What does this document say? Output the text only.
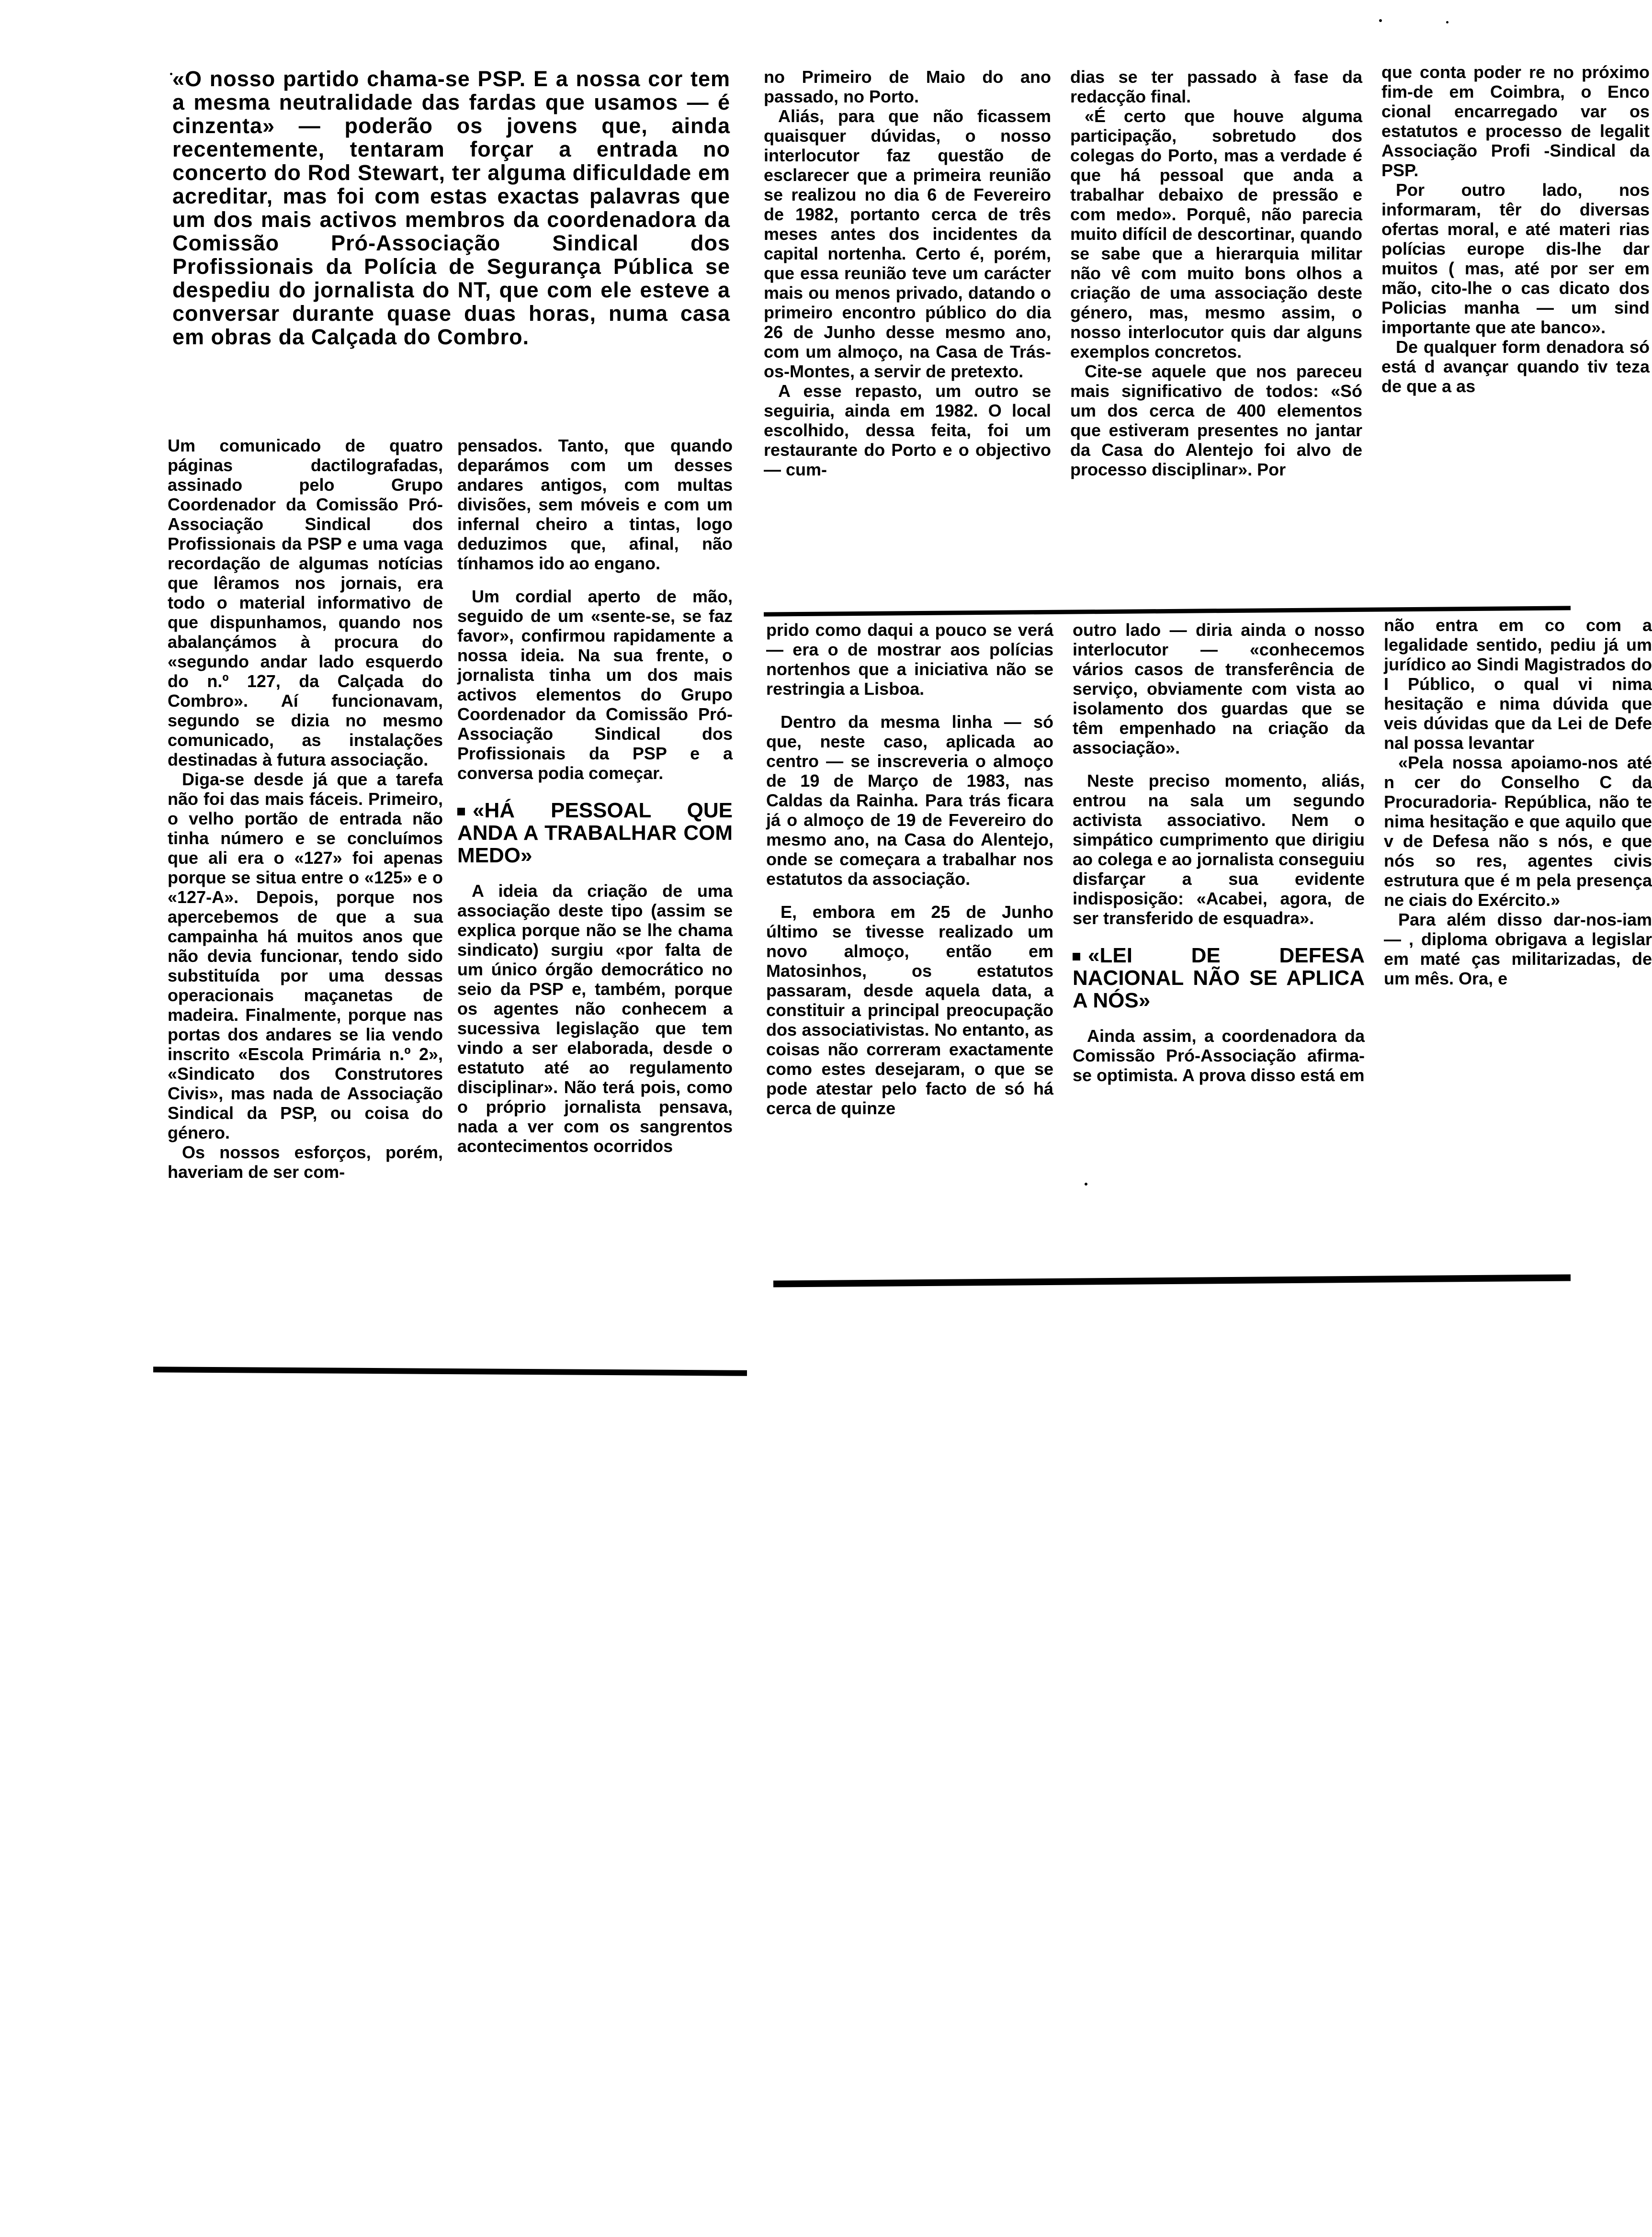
«O nosso partido chama-se PSP. E a nossa cor tem a mesma neutralidade das fardas que usamos — é cinzenta» — poderão os jovens que, ainda recentemente, tentaram forçar a entrada no concerto do Rod Stewart, ter alguma dificuldade em acreditar, mas foi com estas exactas palavras que um dos mais activos membros da coordenadora da Comissão Pró-Associação Sindical dos Profissionais da Polícia de Segurança Pública se despediu do jornalista do NT, que com ele esteve a conversar durante quase duas horas, numa casa em obras da Calçada do Combro.

Um comunicado de quatro páginas dactilografadas, assinado pelo Grupo Coordenador da Comissão Pró-Associação Sindical dos Profissionais da PSP e uma vaga recordação de algumas notícias que lêramos nos jornais, era todo o material informativo de que dispunhamos, quando nos abalançámos à procura do «segundo andar lado esquerdo do n.º 127, da Calçada do Combro». Aí funcionavam, segundo se dizia no mesmo comunicado, as instalações destinadas à futura associação.

Diga-se desde já que a tarefa não foi das mais fáceis. Primeiro, o velho portão de entrada não tinha número e se concluímos que ali era o «127» foi apenas porque se situa entre o «125» e o «127-A». Depois, porque nos apercebemos de que a sua campainha há muitos anos que não devia funcionar, tendo sido substituída por uma dessas operacionais maçanetas de madeira. Finalmente, porque nas portas dos andares se lia vendo inscrito «Escola Primária n.º 2», «Sindicato dos Construtores Civis», mas nada de Associação Sindical da PSP, ou coisa do género.

Os nossos esforços, porém, haveriam de ser com-

pensados. Tanto, que quando deparámos com um desses andares antigos, com multas divisões, sem móveis e com um infernal cheiro a tintas, logo deduzimos que, afinal, não tínhamos ido ao engano.

Um cordial aperto de mão, seguido de um «sente-se, se faz favor», confirmou rapidamente a nossa ideia. Na sua frente, o jornalista tinha um dos mais activos elementos do Grupo Coordenador da Comissão Pró-Associação Sindical dos Profissionais da PSP e a conversa podia começar.

«HÁ PESSOAL QUE ANDA A TRABALHAR COM MEDO»

A ideia da criação de uma associação deste tipo (assim se explica porque não se lhe chama sindicato) surgiu «por falta de um único órgão democrático no seio da PSP e, também, porque os agentes não conhecem a sucessiva legislação que tem vindo a ser elaborada, desde o estatuto até ao regulamento disciplinar». Não terá pois, como o próprio jornalista pensava, nada a ver com os sangrentos acontecimentos ocorridos

no Primeiro de Maio do ano passado, no Porto.

Aliás, para que não ficassem quaisquer dúvidas, o nosso interlocutor faz questão de esclarecer que a primeira reunião se realizou no dia 6 de Fevereiro de 1982, portanto cerca de três meses antes dos incidentes da capital nortenha. Certo é, porém, que essa reunião teve um carácter mais ou menos privado, datando o primeiro encontro público do dia 26 de Junho desse mesmo ano, com um almoço, na Casa de Trás-os-Montes, a servir de pretexto.

A esse repasto, um outro se seguiria, ainda em 1982. O local escolhido, dessa feita, foi um restaurante do Porto e o objectivo — cum-

dias se ter passado à fase da redacção final.

«É certo que houve alguma participação, sobretudo dos colegas do Porto, mas a verdade é que há pessoal que anda a trabalhar debaixo de pressão e com medo». Porquê, não parecia muito difícil de descortinar, quando se sabe que a hierarquia militar não vê com muito bons olhos a criação de uma associação deste género, mas, mesmo assim, o nosso interlocutor quis dar alguns exemplos concretos.

Cite-se aquele que nos pareceu mais significativo de todos: «Só um dos cerca de 400 elementos que estiveram presentes no jantar da Casa do Alentejo foi alvo de processo disciplinar». Por

que conta poder re no próximo fim-de em Coimbra, o Enco cional encarregado var os estatutos e processo de legalit Associação Profi -Sindical da PSP.

Por outro lado, nos informaram, têr do diversas ofertas moral, e até materi rias polícias europe dis-lhe dar muitos ( mas, até por ser em mão, cito-lhe o cas dicato dos Policias manha — um sind importante que ate banco».

De qualquer form denadora só está d avançar quando tiv teza de que a as

prido como daqui a pouco se verá — era o de mostrar aos polícias nortenhos que a iniciativa não se restringia a Lisboa.

Dentro da mesma linha — só que, neste caso, aplicada ao centro — se inscreveria o almoço de 19 de Março de 1983, nas Caldas da Rainha. Para trás ficara já o almoço de 19 de Fevereiro do mesmo ano, na Casa do Alentejo, onde se começara a trabalhar nos estatutos da associação.

E, embora em 25 de Junho último se tivesse realizado um novo almoço, então em Matosinhos, os estatutos passaram, desde aquela data, a constituir a principal preocupação dos associativistas. No entanto, as coisas não correram exactamente como estes desejaram, o que se pode atestar pelo facto de só há cerca de quinze

outro lado — diria ainda o nosso interlocutor — «conhecemos vários casos de transferência de serviço, obviamente com vista ao isolamento dos guardas que se têm empenhado na criação da associação».

Neste preciso momento, aliás, entrou na sala um segundo activista associativo. Nem o simpático cumprimento que dirigiu ao colega e ao jornalista conseguiu disfarçar a sua evidente indisposição: «Acabei, agora, de ser transferido de esquadra».

«LEI DE DEFESA NACIONAL NÃO SE APLICA A NÓS»

Ainda assim, a coordenadora da Comissão Pró-Associação afirma-se optimista. A prova disso está em

não entra em co com a legalidade sentido, pediu já um jurídico ao Sindi Magistrados do I Público, o qual vi nima hesitação e nima dúvida que veis dúvidas que da Lei de Defe nal possa levantar

«Pela nossa apoiamo-nos até n cer do Conselho C da Procuradoria- República, não te nima hesitação e que aquilo que v de Defesa não s nós, e que nós so res, agentes civis estrutura que é m pela presença ne ciais do Exército.»

Para além disso dar-nos-iam — , diploma obrigava a legislar em maté ças militarizadas, de um mês. Ora, e
